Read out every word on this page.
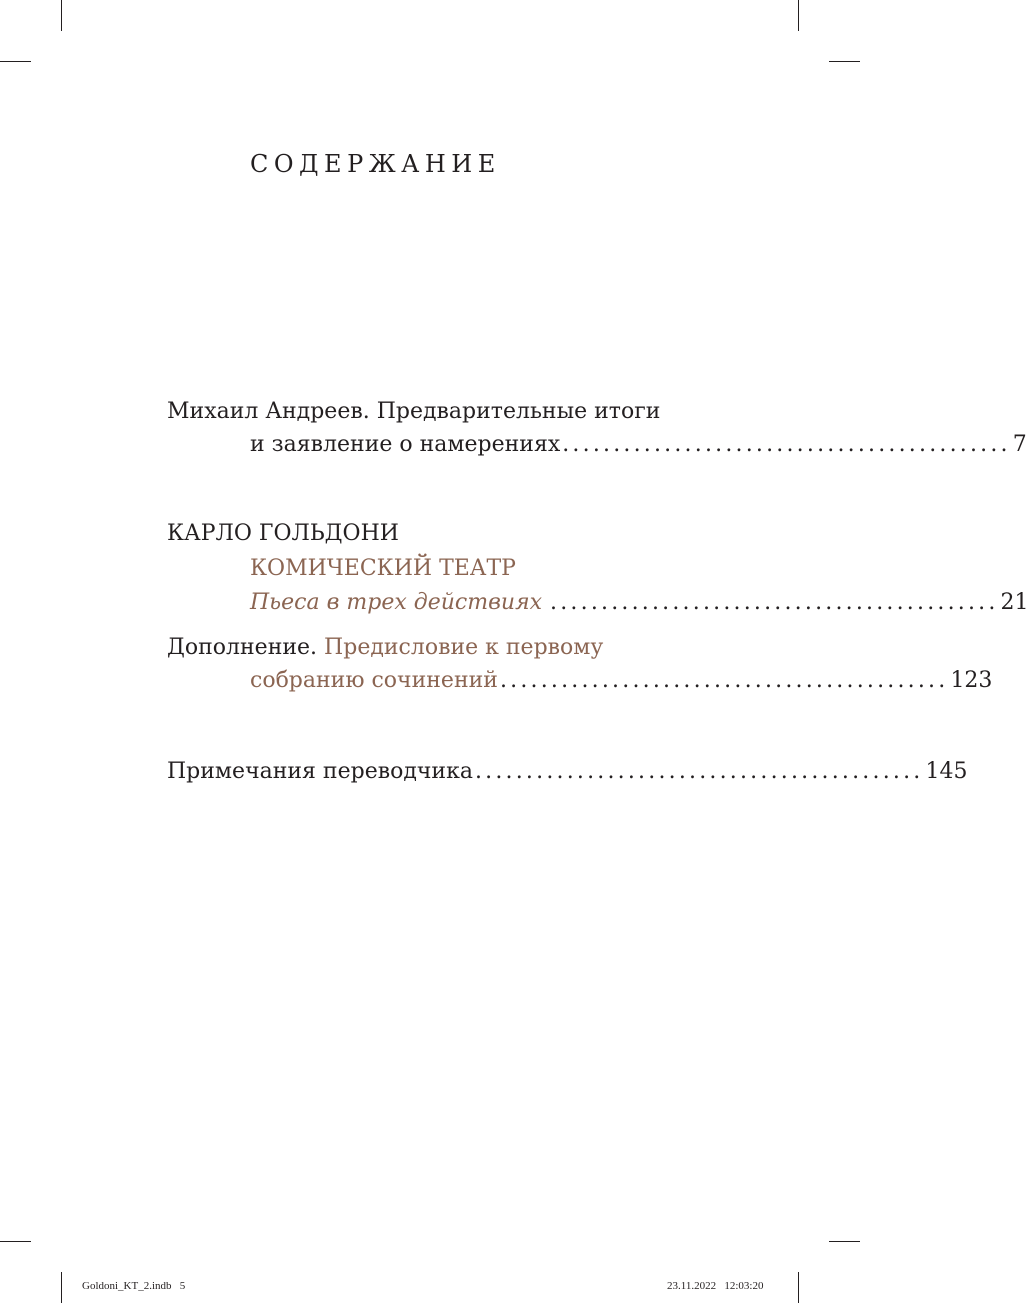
СОДЕРЖАНИЕ
Михаил Андреев. Предварительные итоги
и заявление о намерениях ............................................ 7
КАРЛО ГОЛЬДОНИ
КОМИЧЕСКИЙ ТЕАТР
Пьеса в трех действиях ............................................ 21
Дополнение. Предисловие к первому
собранию сочинений ............................................ 123
Примечания переводчика ............................................ 145
Goldoni_KT_2.indb   5	23.11.2022   12:03:20
